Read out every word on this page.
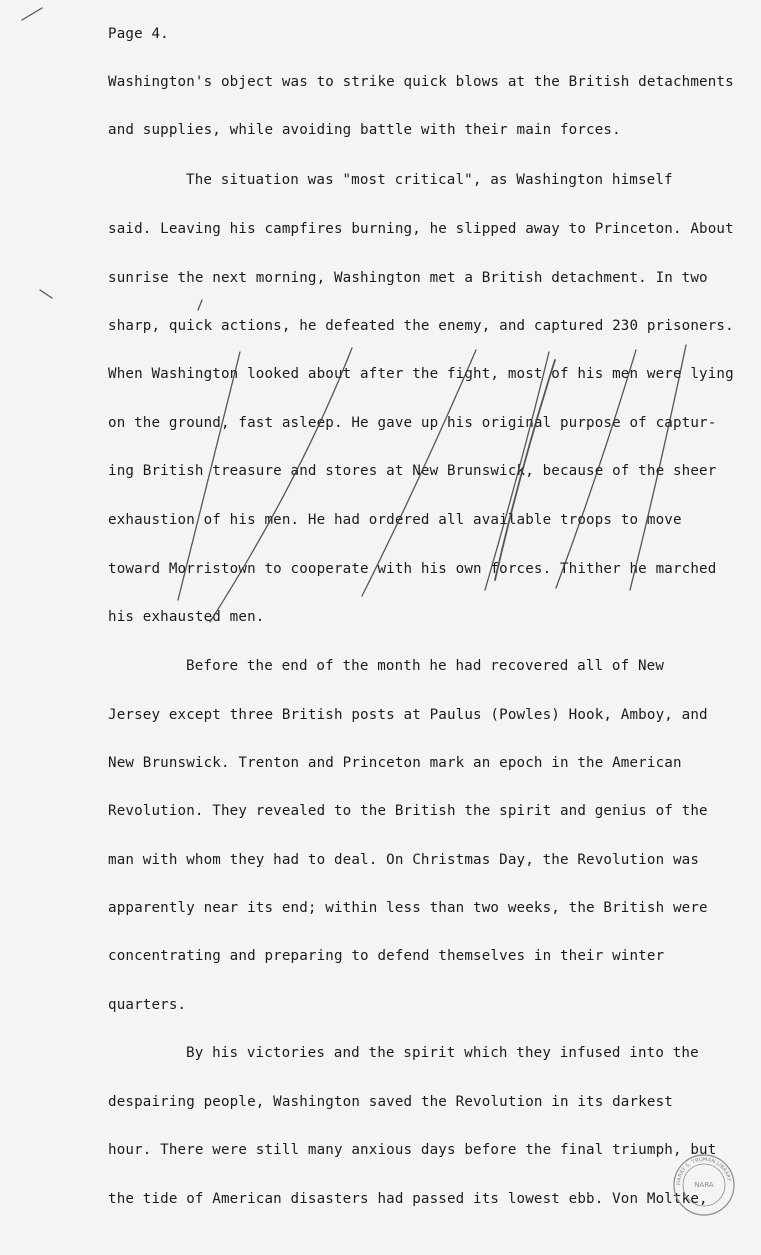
Page 4.
Washington's object was to strike quick blows at the British detachments
and supplies, while avoiding battle with their main forces.
The situation was "most critical", as Washington himself
said. Leaving his campfires burning, he slipped away to Princeton. About
sunrise the next morning, Washington met a British detachment. In two
sharp, quick actions, he defeated the enemy, and captured 230 prisoners.
When Washington looked about after the fight, most of his men were lying
on the ground, fast asleep. He gave up his original purpose of captur-
ing British treasure and stores at New Brunswick, because of the sheer
exhaustion of his men. He had ordered all available troops to move
toward Morristown to cooperate with his own forces. Thither he marched
his exhausted men.
Before the end of the month he had recovered all of New
Jersey except three British posts at Paulus (Powles) Hook, Amboy, and
New Brunswick. Trenton and Princeton mark an epoch in the American
Revolution. They revealed to the British the spirit and genius of the
man with whom they had to deal. On Christmas Day, the Revolution was
apparently near its end; within less than two weeks, the British were
concentrating and preparing to defend themselves in their winter
quarters.
By his victories and the spirit which they infused into the
despairing people, Washington saved the Revolution in its darkest
hour. There were still many anxious days before the final triumph, but
the tide of American disasters had passed its lowest ebb. Von Moltke,
HARRY S. TRUMAN LIBRARY
NARA
